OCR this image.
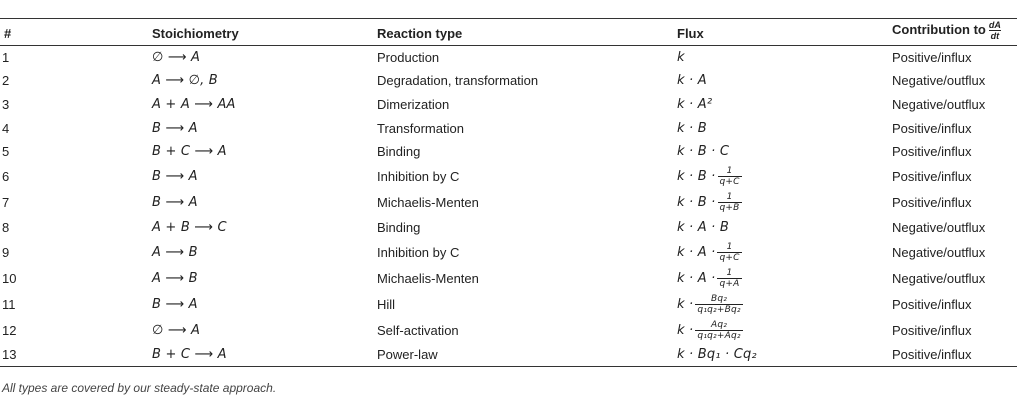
#	Stoichiometry	Reaction type	Flux	Contribution to $\frac{dA}{dt}$
1	∅ ⟶ A	Production	k	Positive/influx
2	A ⟶ ∅, B	Degradation, transformation	k · A	Negative/outflux
3	A + A ⟶ AA	Dimerization	k · A²	Negative/outflux
4	B ⟶ A	Transformation	k · B	Positive/influx
5	B + C ⟶ A	Binding	k · B · C	Positive/influx
6	B ⟶ A	Inhibition by C	$k \cdot B \cdot \frac{1}{q+C}$	Positive/influx
7	B ⟶ A	Michaelis-Menten	$k \cdot B \cdot \frac{1}{q+B}$	Positive/influx
8	A + B ⟶ C	Binding	k · A · B	Negative/outflux
9	A ⟶ B	Inhibition by C	$k \cdot A \cdot \frac{1}{q+C}$	Negative/outflux
10	A ⟶ B	Michaelis-Menten	$k \cdot A \cdot \frac{1}{q+A}$	Negative/outflux
11	B ⟶ A	Hill	$k \cdot \frac{\text{Bq₂}}{\text{q₁q₂+Bq₂}}$	Positive/influx
12	∅ ⟶ A	Self-activation	$k \cdot \frac{\text{Aq₂}}{\text{q₁q₂+Aq₂}}$	Positive/influx
13	B + C ⟶ A	Power-law	k · Bq₁ · Cq₂	Positive/influx
All types are covered by our steady-state approach.
